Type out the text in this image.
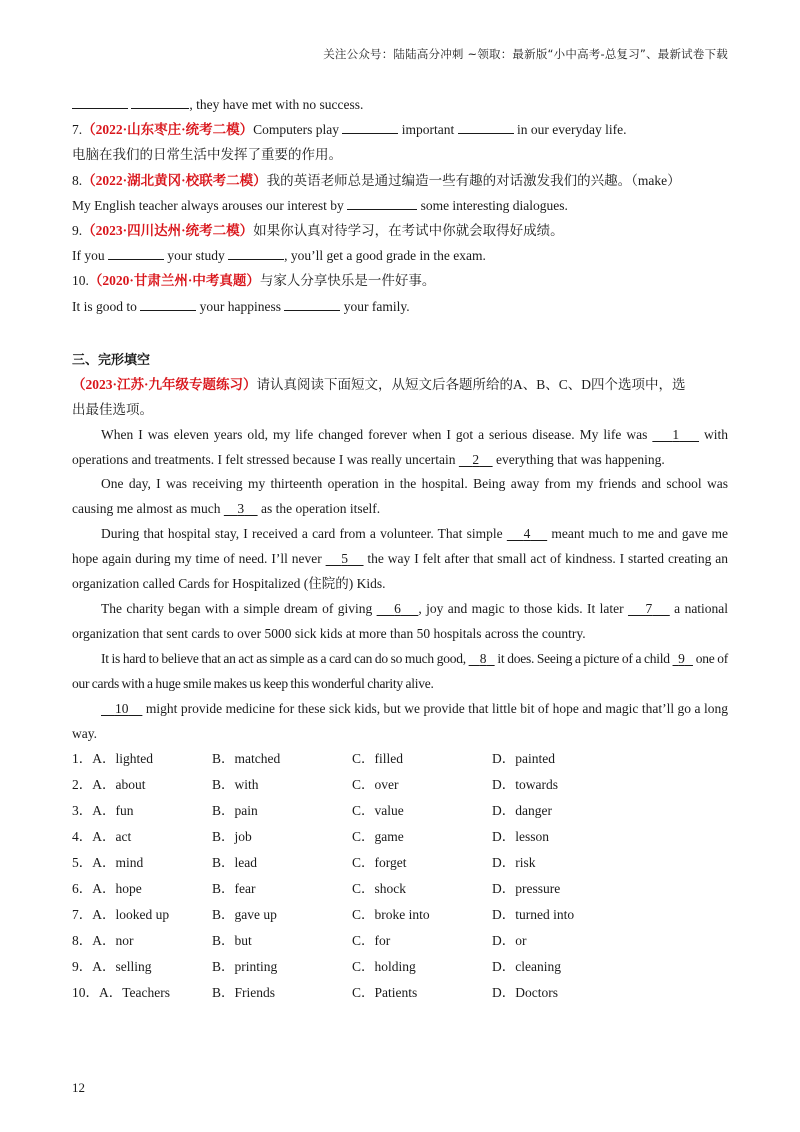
关注公众号：陆陆高分冲刺 ~领取：最新版“小中高考-总复习”、最新试卷下载
, they have met with no success.
7.（2022·山东枣庄·统考二模）Computers play	important	in our everyday life.
电脑在我们的日常生活中发挥了重要的作用。
8.（2022·湖北黄冈·校联考二模）我的英语老师总是通过编造一些有趣的对话激发我们的兴趣。（make）
My English teacher always arouses our interest by	some interesting dialogues.
9.（2023·四川达州·统考二模）如果你认真对待学习，在考试中你就会取得好成绩。
If you	your study	, you’ll get a good grade in the exam.
10.（2020·甘肃兰州·中考真题）与家人分享快乐是一件好事。
It is good to	your happiness	your family.
三、完形填空
（2023·江苏·九年级专题练习）请认真阅读下面短文，从短文后各题所给的A、B、C、D四个选项中，选
出最佳选项。
When I was eleven years old, my life changed forever when I got a serious disease. My life was 1 with operations and treatments. I felt stressed because I was really uncertain 2 everything that was happening.
One day, I was receiving my thirteenth operation in the hospital. Being away from my friends and school was causing me almost as much 3 as the operation itself.
During that hospital stay, I received a card from a volunteer. That simple 4 meant much to me and gave me hope again during my time of need. I’ll never 5 the way I felt after that small act of kindness. I started creating an organization called Cards for Hospitalized (住院的) Kids.
The charity began with a simple dream of giving 6 , joy and magic to those kids. It later 7 a national organization that sent cards to over 5000 sick kids at more than 50 hospitals across the country.
It is hard to believe that an act as simple as a card can do so much good, 8 it does. Seeing a picture of a child 9 one of our cards with a huge smile makes us keep this wonderful charity alive.
10 might provide medicine for these sick kids, but we provide that little bit of hope and magic that’ll go a long way.
1．A．lighted	B．matched	C．filled	D．painted
2．A．about	B．with	C．over	D．towards
3．A．fun	B．pain	C．value	D．danger
4．A．act	B．job	C．game	D．lesson
5．A．mind	B．lead	C．forget	D．risk
6．A．hope	B．fear	C．shock	D．pressure
7．A．looked up	B．gave up	C．broke into	D．turned into
8．A．nor	B．but	C．for	D．or
9．A．selling	B．printing	C．holding	D．cleaning
10．A．Teachers	B．Friends	C．Patients	D．Doctors
12
